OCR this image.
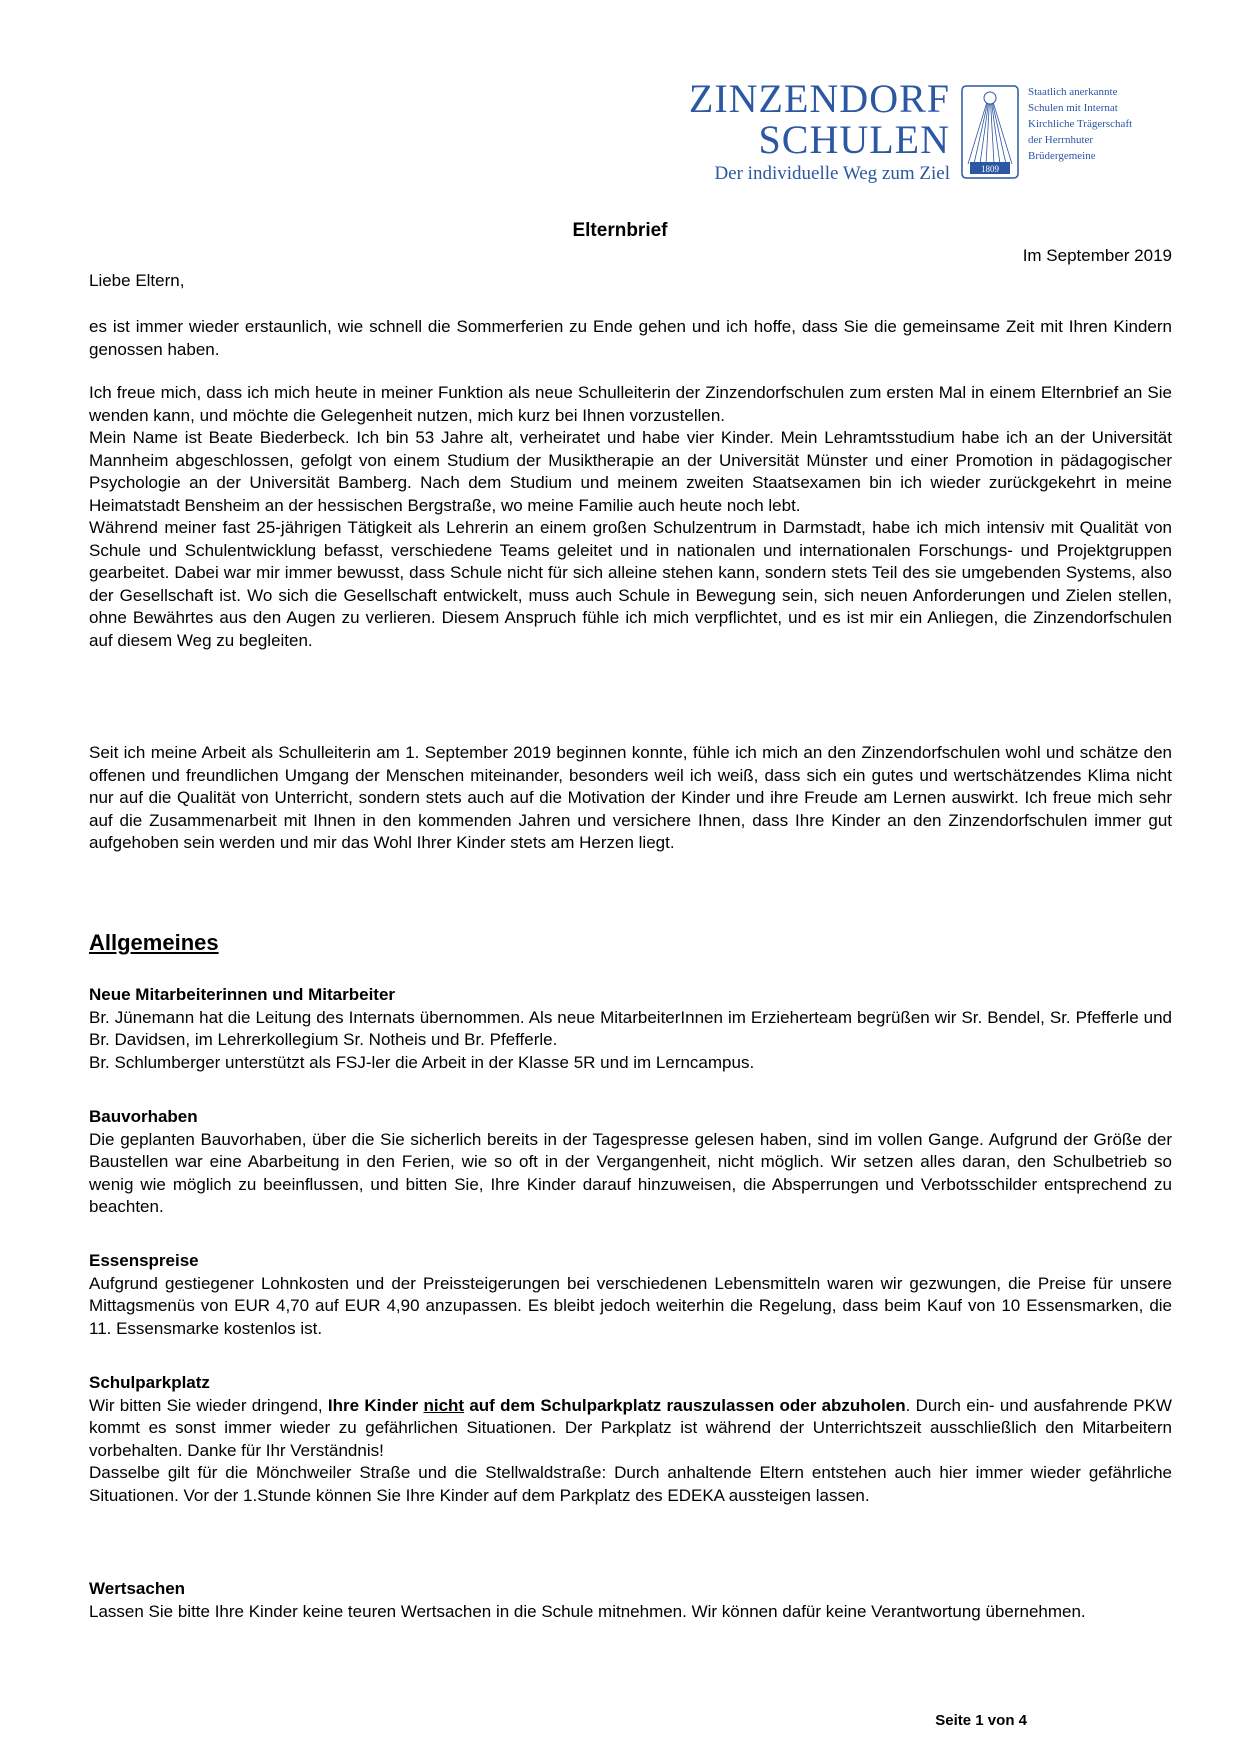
ZINZENDORF
SCHULEN
Der individuelle Weg zum Ziel	1809
Staatlich anerkannte
Schulen mit Internat
Kirchliche Trägerschaft
der Herrnhuter
Brüdergemeine
Elternbrief
Im September 2019
Liebe Eltern,

es ist immer wieder erstaunlich, wie schnell die Sommerferien zu Ende gehen und ich hoffe, dass Sie die gemeinsame Zeit mit Ihren Kindern genossen haben.

Ich freue mich, dass ich mich heute in meiner Funktion als neue Schulleiterin der Zinzendorfschulen zum ersten Mal in einem Elternbrief an Sie wenden kann, und möchte die Gelegenheit nutzen, mich kurz bei Ihnen vorzustellen.

Mein Name ist Beate Biederbeck. Ich bin 53 Jahre alt, verheiratet und habe vier Kinder. Mein Lehramtsstudium habe ich an der Universität Mannheim abgeschlossen, gefolgt von einem Studium der Musiktherapie an der Universität Münster und einer Promotion in pädagogischer Psychologie an der Universität Bamberg. Nach dem Studium und meinem zweiten Staatsexamen bin ich wieder zurückgekehrt in meine Heimatstadt Bensheim an der hessischen Bergstraße, wo meine Familie auch heute noch lebt.

Während meiner fast 25-jährigen Tätigkeit als Lehrerin an einem großen Schulzentrum in Darmstadt, habe ich mich intensiv mit Qualität von Schule und Schulentwicklung befasst, verschiedene Teams geleitet und in nationalen und internationalen Forschungs- und Projektgruppen gearbeitet. Dabei war mir immer bewusst, dass Schule nicht für sich alleine stehen kann, sondern stets Teil des sie umgebenden Systems, also der Gesellschaft ist. Wo sich die Gesellschaft entwickelt, muss auch Schule in Bewegung sein, sich neuen Anforderungen und Zielen stellen, ohne Bewährtes aus den Augen zu verlieren. Diesem Anspruch fühle ich mich verpflichtet, und es ist mir ein Anliegen, die Zinzendorfschulen auf diesem Weg zu begleiten.

Seit ich meine Arbeit als Schulleiterin am 1. September 2019 beginnen konnte, fühle ich mich an den Zinzendorfschulen wohl und schätze den offenen und freundlichen Umgang der Menschen miteinander, besonders weil ich weiß, dass sich ein gutes und wertschätzendes Klima nicht nur auf die Qualität von Unterricht, sondern stets auch auf die Motivation der Kinder und ihre Freude am Lernen auswirkt. Ich freue mich sehr auf die Zusammenarbeit mit Ihnen in den kommenden Jahren und versichere Ihnen, dass Ihre Kinder an den Zinzendorfschulen immer gut aufgehoben sein werden und mir das Wohl Ihrer Kinder stets am Herzen liegt.

Allgemeines

Neue Mitarbeiterinnen und Mitarbeiter

Br. Jünemann hat die Leitung des Internats übernommen. Als neue MitarbeiterInnen im Erzieherteam begrüßen wir Sr. Bendel, Sr. Pfefferle und Br. Davidsen, im Lehrerkollegium Sr. Notheis und Br. Pfefferle.

Br. Schlumberger unterstützt als FSJ-ler die Arbeit in der Klasse 5R und im Lerncampus.

Bauvorhaben

Die geplanten Bauvorhaben, über die Sie sicherlich bereits in der Tagespresse gelesen haben, sind im vollen Gange. Aufgrund der Größe der Baustellen war eine Abarbeitung in den Ferien, wie so oft in der Vergangenheit, nicht möglich. Wir setzen alles daran, den Schulbetrieb so wenig wie möglich zu beeinflussen, und bitten Sie, Ihre Kinder darauf hinzuweisen, die Absperrungen und Verbotsschilder entsprechend zu beachten.

Essenspreise

Aufgrund gestiegener Lohnkosten und der Preissteigerungen bei verschiedenen Lebensmitteln waren wir gezwungen, die Preise für unsere Mittagsmenüs von EUR 4,70 auf EUR 4,90 anzupassen. Es bleibt jedoch weiterhin die Regelung, dass beim Kauf von 10 Essensmarken, die 11. Essensmarke kostenlos ist.

Schulparkplatz

Wir bitten Sie wieder dringend, Ihre Kinder nicht auf dem Schulparkplatz rauszulassen oder abzuholen. Durch ein- und ausfahrende PKW kommt es sonst immer wieder zu gefährlichen Situationen. Der Parkplatz ist während der Unterrichtszeit ausschließlich den Mitarbeitern vorbehalten. Danke für Ihr Verständnis!

Dasselbe gilt für die Mönchweiler Straße und die Stellwaldstraße: Durch anhaltende Eltern entstehen auch hier immer wieder gefährliche Situationen. Vor der 1.Stunde können Sie Ihre Kinder auf dem Parkplatz des EDEKA aussteigen lassen.

Wertsachen

Lassen Sie bitte Ihre Kinder keine teuren Wertsachen in die Schule mitnehmen. Wir können dafür keine Verantwortung übernehmen.

Seite 1 von 4
